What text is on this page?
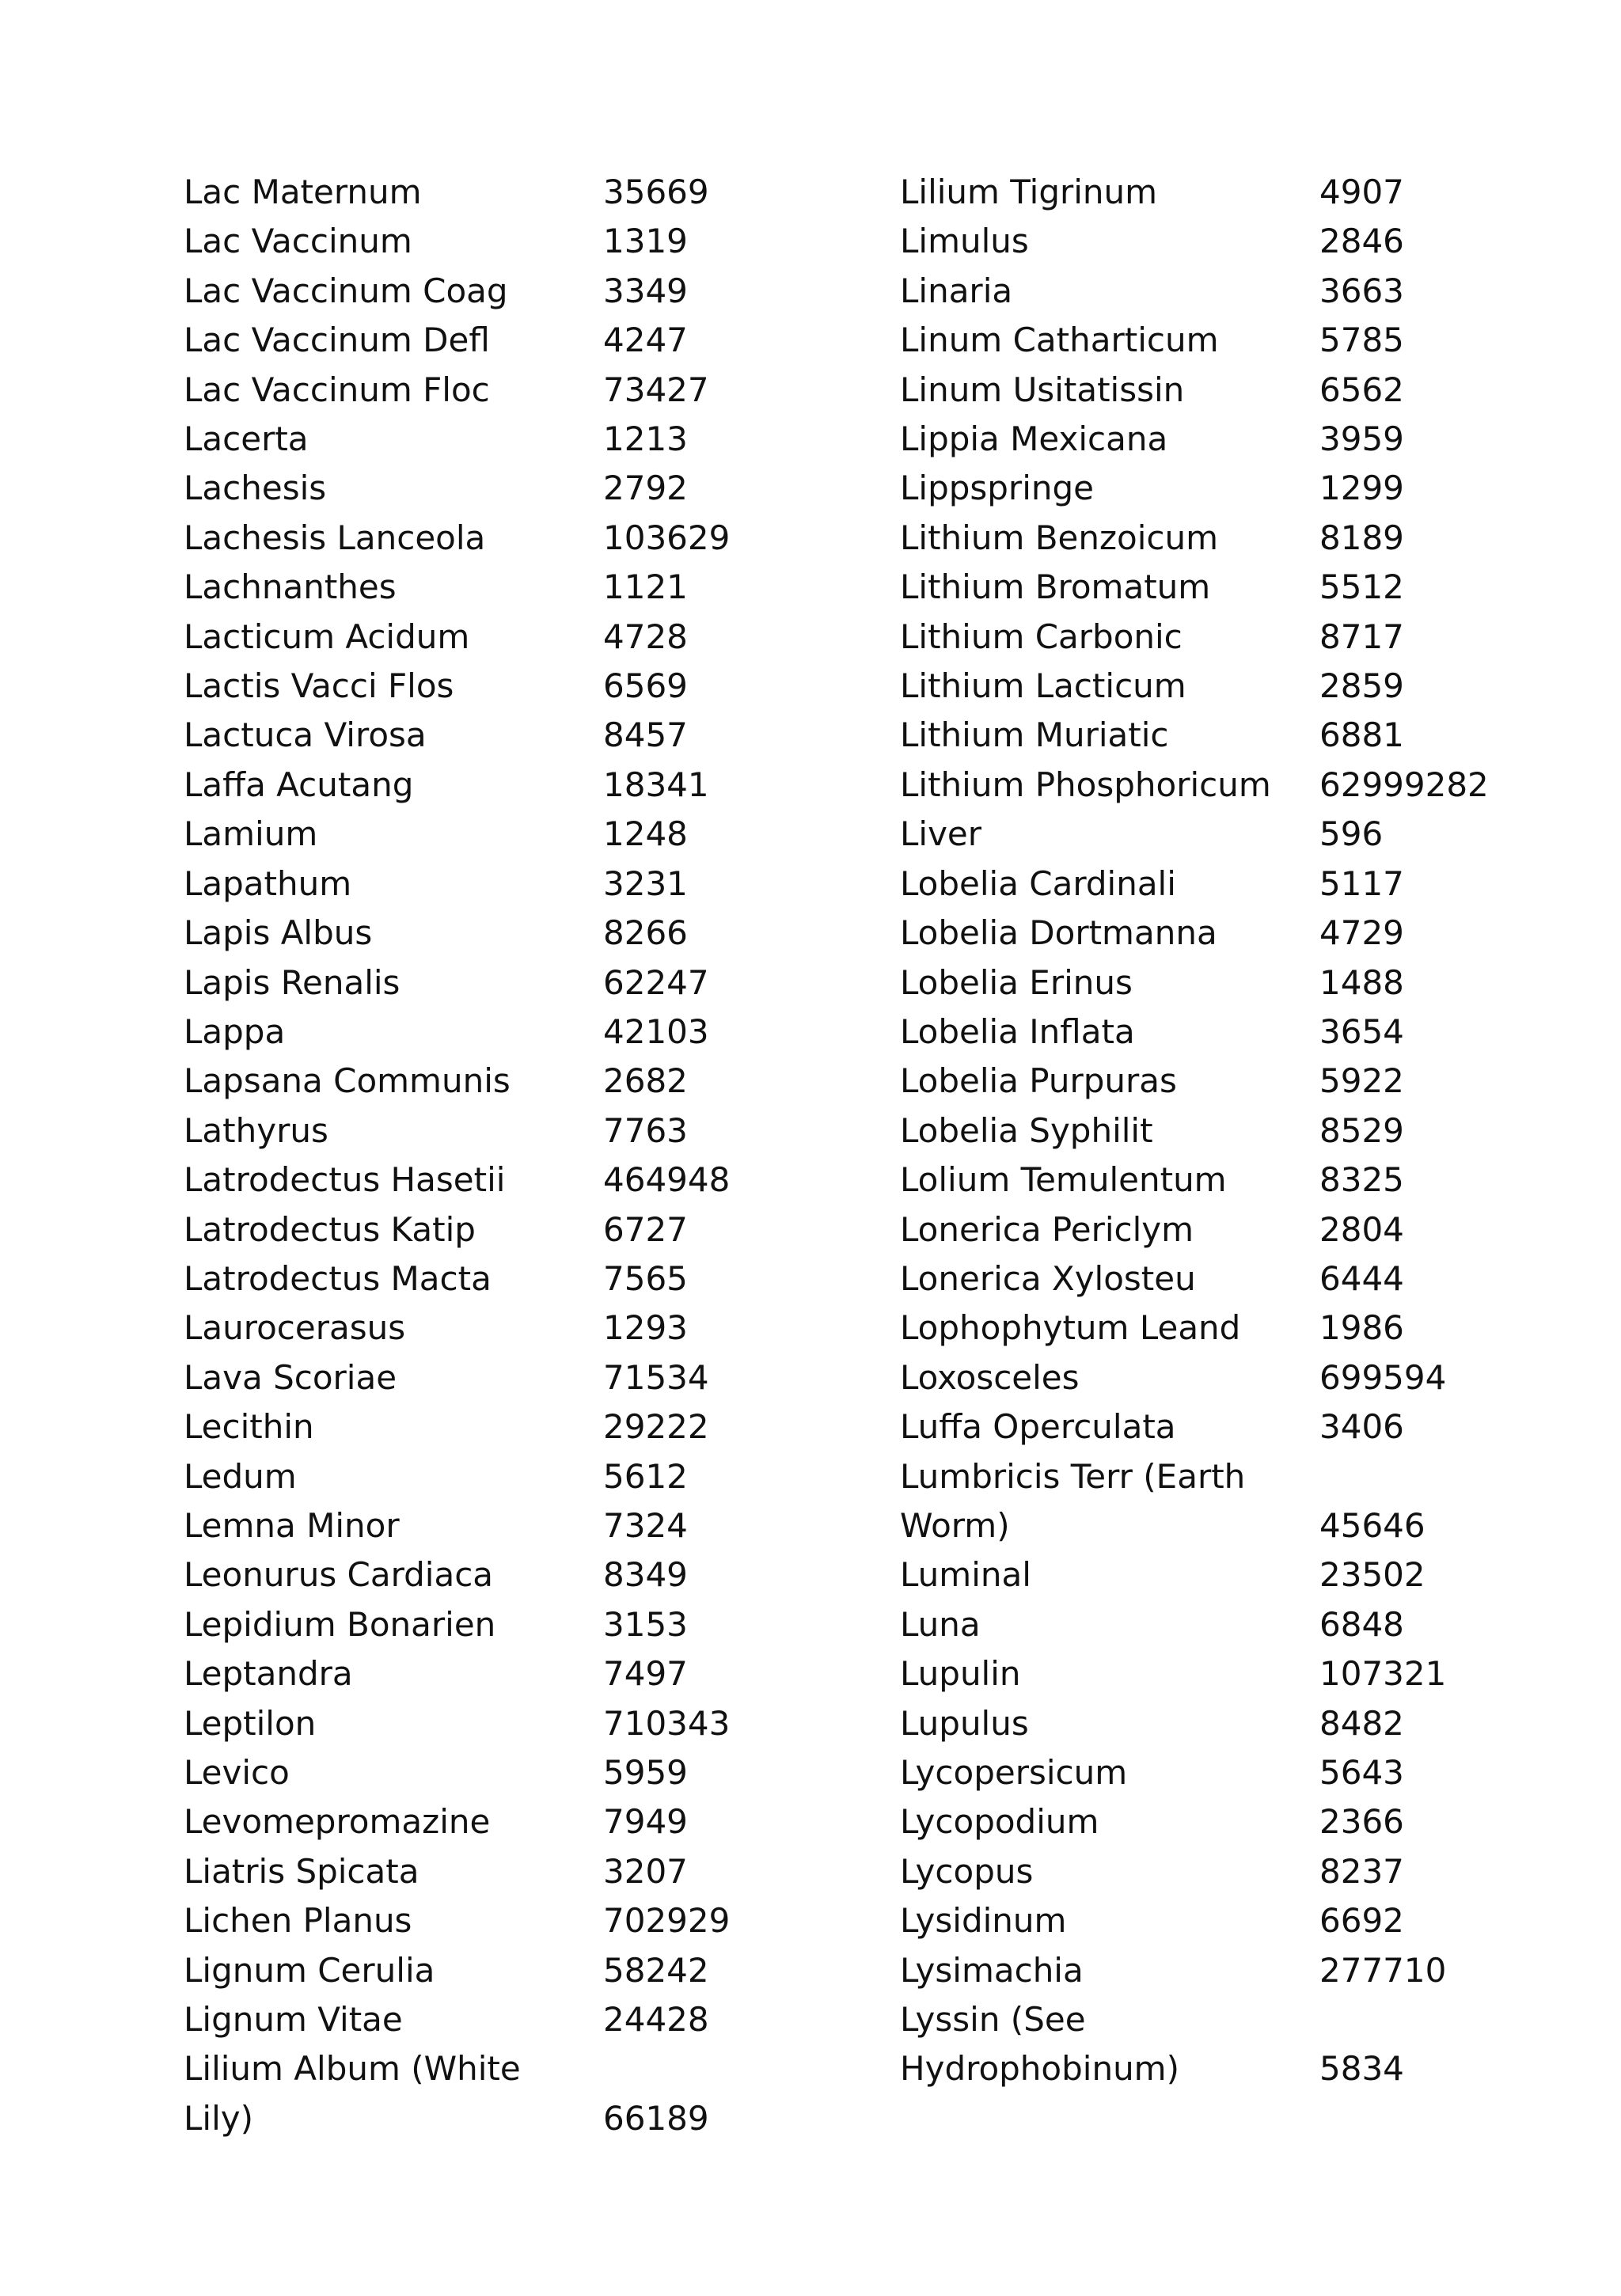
Lac Maternum	35669
Lac Vaccinum	1319
Lac Vaccinum Coag	3349
Lac Vaccinum Defl	4247
Lac Vaccinum Floc	73427
Lacerta	1213
Lachesis	2792
Lachesis Lanceola	103629
Lachnanthes	1121
Lacticum Acidum	4728
Lactis Vacci Flos	6569
Lactuca Virosa	8457
Laffa Acutang	18341
Lamium	1248
Lapathum	3231
Lapis Albus	8266
Lapis Renalis	62247
Lappa	42103
Lapsana Communis	2682
Lathyrus	7763
Latrodectus Hasetii	464948
Latrodectus Katip	6727
Latrodectus Macta	7565
Laurocerasus	1293
Lava Scoriae	71534
Lecithin	29222
Ledum	5612
Lemna Minor	7324
Leonurus Cardiaca	8349
Lepidium Bonarien	3153
Leptandra	7497
Leptilon	710343
Levico	5959
Levomepromazine	7949
Liatris Spicata	3207
Lichen Planus	702929
Lignum Cerulia	58242
Lignum Vitae	24428
Lilium Album (White Lily)	66189
Lilium Tigrinum	4907
Limulus	2846
Linaria	3663
Linum Catharticum	5785
Linum Usitatissin	6562
Lippia Mexicana	3959
Lippspringe	1299
Lithium Benzoicum	8189
Lithium Bromatum	5512
Lithium Carbonic	8717
Lithium Lacticum	2859
Lithium Muriatic	6881
Lithium Phosphoricum	62999282
Liver	596
Lobelia Cardinali	5117
Lobelia Dortmanna	4729
Lobelia Erinus	1488
Lobelia Inflata	3654
Lobelia Purpuras	5922
Lobelia Syphilit	8529
Lolium Temulentum	8325
Lonerica Periclym	2804
Lonerica Xylosteu	6444
Lophophytum Leand	1986
Loxosceles	699594
Luffa Operculata	3406
Lumbricis Terr (Earth Worm)	45646
Luminal	23502
Luna	6848
Lupulin	107321
Lupulus	8482
Lycopersicum	5643
Lycopodium	2366
Lycopus	8237
Lysidinum	6692
Lysimachia	277710
Lyssin (See Hydrophobinum)	5834
